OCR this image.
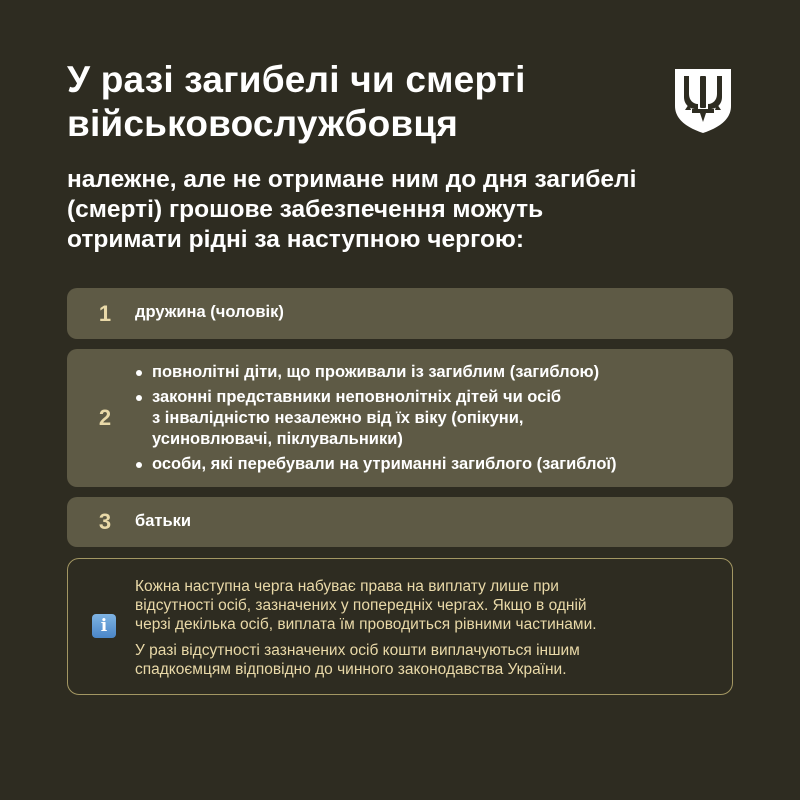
У разі загибелі чи смерті
військовослужбовця
належне, але не отримане ним до дня загибелі
(смерті) грошове забезпечення можуть
отримати рідні за наступною чергою:
1	дружина (чоловік)
2
повнолітні діти, що проживали із загиблим (загиблою)
законні представники неповнолітніх дітей чи осіб
з інвалідністю незалежно від їх віку (опікуни,
усиновлювачі, піклувальники)
особи, які перебували на утриманні загиблого (загиблої)
3	батьки
i

Кожна наступна черга набуває права на виплату лише при
відсутності осіб, зазначених у попередніх чергах. Якщо в одній
черзі декілька осіб, виплата їм проводиться рівними частинами.

У разі відсутності зазначених осіб кошти виплачуються іншим
спадкоємцям відповідно до чинного законодавства України.
